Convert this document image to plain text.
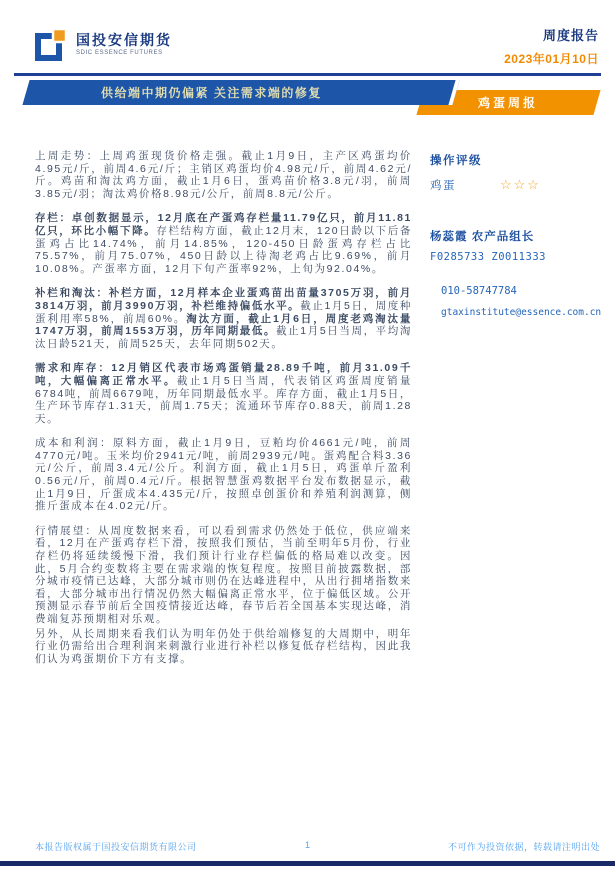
国投安信期货
SDIC ESSENCE FUTURES
周度报告
2023年01月10日
供给端中期仍偏紧 关注需求端的修复
鸡蛋周报

上周走势：上周鸡蛋现货价格走强。截止1月9日，主产区鸡蛋均价4.95元/斤，前周4.6元/斤；主销区鸡蛋均价4.98元/斤，前周4.62元/斤。鸡苗和淘汰鸡方面，截止1月6日，蛋鸡苗价格3.8元/羽，前周3.85元/羽；淘汰鸡价格8.98元/公斤，前周8.8元/公斤。

存栏：卓创数据显示，12月底在产蛋鸡存栏量11.79亿只，前月11.81亿只，环比小幅下降。存栏结构方面，截止12月末，120日龄以下后备蛋鸡占比14.74%，前月14.85%，120-450日龄蛋鸡存栏占比75.57%，前月75.07%，450日龄以上待淘老鸡占比9.69%，前月10.08%。产蛋率方面，12月下旬产蛋率92%，上旬为92.04%。

补栏和淘汰：补栏方面，12月样本企业蛋鸡苗出苗量3705万羽，前月3814万羽，前月3990万羽，补栏维持偏低水平。截止1月5日，周度种蛋利用率58%，前周60%。淘汰方面，截止1月6日，周度老鸡淘汰量1747万羽，前周1553万羽，历年同期最低。截止1月5日当周，平均淘汰日龄521天，前周525天，去年同期502天。

需求和库存：12月销区代表市场鸡蛋销量28.89千吨，前月31.09千吨，大幅偏离正常水平。截止1月5日当周，代表销区鸡蛋周度销量6784吨，前周6679吨，历年同期最低水平。库存方面，截止1月5日，生产环节库存1.31天，前周1.75天；流通环节库存0.88天，前周1.28天。

成本和利润：原料方面，截止1月9日，豆粕均价4661元/吨，前周4770元/吨。玉米均价2941元/吨，前周2939元/吨。蛋鸡配合料3.36元/公斤，前周3.4元/公斤。利润方面，截止1月5日，鸡蛋单斤盈利0.56元/斤，前周0.4元/斤。根据智慧蛋鸡数据平台发布数据显示，截止1月9日，斤蛋成本4.435元/斤，按照卓创蛋价和养殖利润测算，侧推斤蛋成本在4.02元/斤。

行情展望：从周度数据来看，可以看到需求仍然处于低位，供应端来看，12月在产蛋鸡存栏下滑，按照我们预估，当前至明年5月份，行业存栏仍将延续缓慢下滑，我们预计行业存栏偏低的格局难以改变。因此，5月合约变数将主要在需求端的恢复程度。按照目前披露数据，部分城市疫情已达峰，大部分城市则仍在达峰进程中，从出行拥堵指数来看，大部分城市出行情况仍然大幅偏离正常水平，位于偏低区域。公开预测显示春节前后全国疫情接近达峰，春节后若全国基本实现达峰，消费端复苏预期相对乐观。

另外，从长周期来看我们认为明年仍处于供给端修复的大周期中，明年行业仍需给出合理利润来刺激行业进行补栏以修复低存栏结构，因此我们认为鸡蛋期价下方有支撑。

操作评级
鸡蛋	☆☆☆
杨蕊霞 农产品组长
F0285733 Z0011333
010-58747784
gtaxinstitute@essence.com.cn
本报告版权属于国投安信期货有限公司	1	不可作为投资依据，转载请注明出处
